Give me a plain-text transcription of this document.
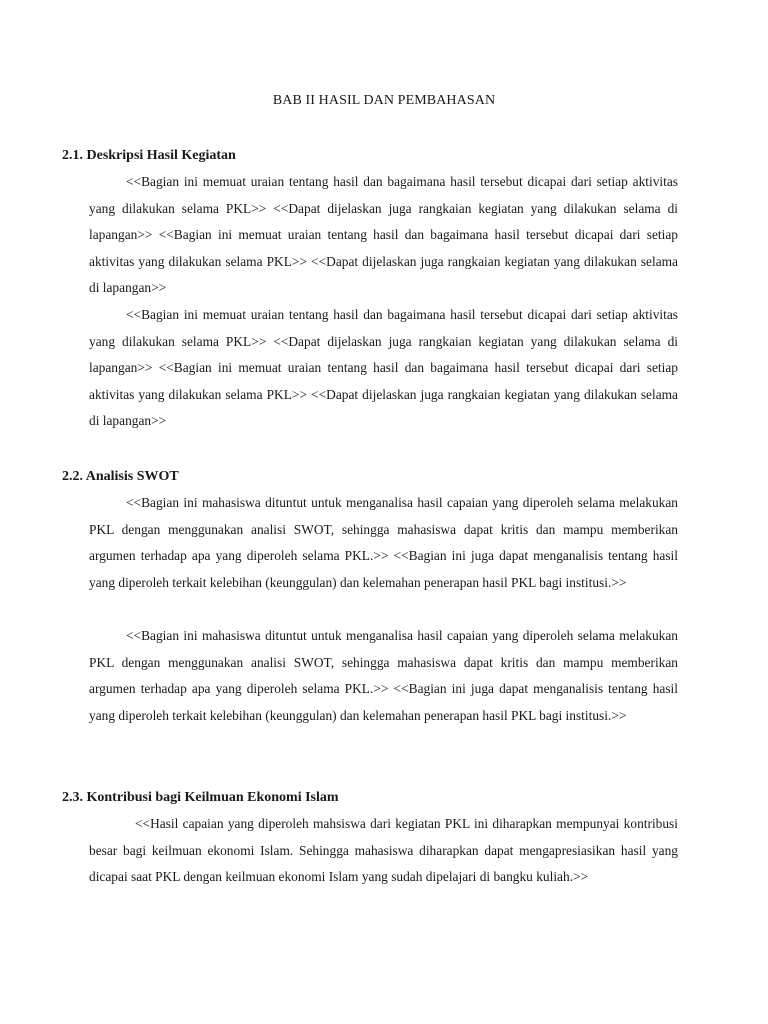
BAB II HASIL DAN PEMBAHASAN
2.1. Deskripsi Hasil Kegiatan

<<Bagian ini memuat uraian tentang hasil dan bagaimana hasil tersebut dicapai dari setiap aktivitas yang dilakukan selama PKL>> <<Dapat dijelaskan juga rangkaian kegiatan yang dilakukan selama di lapangan>> <<Bagian ini memuat uraian tentang hasil dan bagaimana hasil tersebut dicapai dari setiap aktivitas yang dilakukan selama PKL>> <<Dapat dijelaskan juga rangkaian kegiatan yang dilakukan selama di lapangan>>

<<Bagian ini memuat uraian tentang hasil dan bagaimana hasil tersebut dicapai dari setiap aktivitas yang dilakukan selama PKL>> <<Dapat dijelaskan juga rangkaian kegiatan yang dilakukan selama di lapangan>> <<Bagian ini memuat uraian tentang hasil dan bagaimana hasil tersebut dicapai dari setiap aktivitas yang dilakukan selama PKL>> <<Dapat dijelaskan juga rangkaian kegiatan yang dilakukan selama di lapangan>>

2.2. Analisis SWOT

<<Bagian ini mahasiswa dituntut untuk menganalisa hasil capaian yang diperoleh selama melakukan PKL dengan menggunakan analisi SWOT, sehingga mahasiswa dapat kritis dan mampu memberikan argumen terhadap apa yang diperoleh selama PKL.>> <<Bagian ini juga dapat menganalisis tentang hasil yang diperoleh terkait kelebihan (keunggulan) dan kelemahan penerapan hasil PKL bagi institusi.>>

<<Bagian ini mahasiswa dituntut untuk menganalisa hasil capaian yang diperoleh selama melakukan PKL dengan menggunakan analisi SWOT, sehingga mahasiswa dapat kritis dan mampu memberikan argumen terhadap apa yang diperoleh selama PKL.>> <<Bagian ini juga dapat menganalisis tentang hasil yang diperoleh terkait kelebihan (keunggulan) dan kelemahan penerapan hasil PKL bagi institusi.>>

2.3. Kontribusi bagi Keilmuan Ekonomi Islam

<<Hasil capaian yang diperoleh mahsiswa dari kegiatan PKL ini diharapkan mempunyai kontribusi besar bagi keilmuan ekonomi Islam. Sehingga mahasiswa diharapkan dapat mengapresiasikan hasil yang dicapai saat PKL dengan keilmuan ekonomi Islam yang sudah dipelajari di bangku kuliah.>>
